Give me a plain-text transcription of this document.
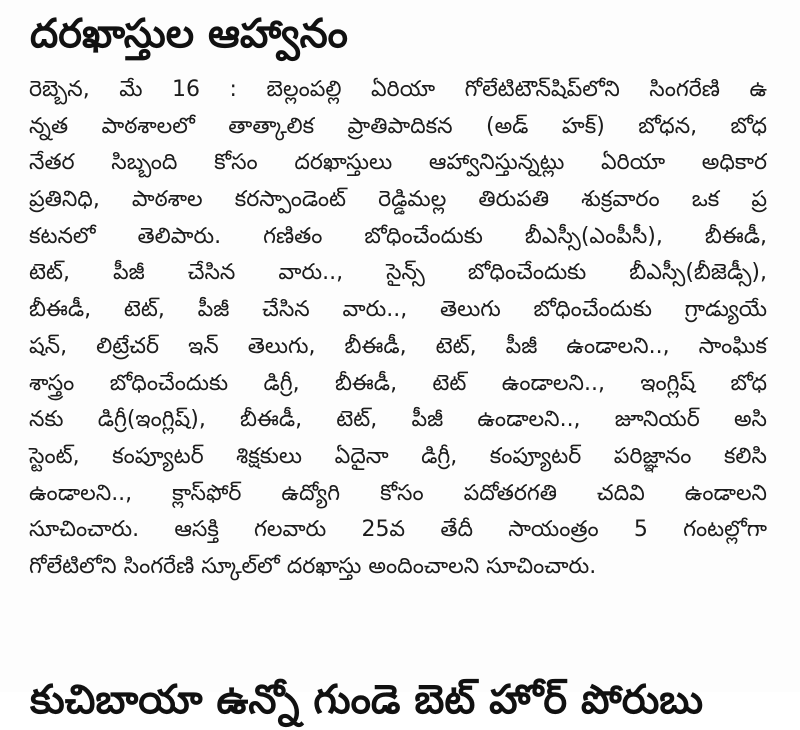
దరఖాస్తుల ఆహ్వానం
రెబ్బెన, మే 16 : బెల్లంపల్లి ఏరియా గోలేటిటౌన్‌షిప్‌లోని సింగరేణి ఉ
న్నత పాఠశాలలో తాత్కాలిక ప్రాతిపాదికన (అడ్ హక్) బోధన, బోధ
నేతర సిబ్బంది కోసం దరఖాస్తులు ఆహ్వానిస్తున్నట్లు ఏరియా అధికార
ప్రతినిధి, పాఠశాల కరస్పాండెంట్ రెడ్డిమల్ల తిరుపతి శుక్రవారం ఒక ప్ర
కటనలో తెలిపారు. గణితం బోధించేందుకు బీఎస్సీ(ఎంపీసీ), బీఈడీ,
టెట్, పీజీ చేసిన వారు.., సైన్స్ బోధించేందుకు బీఎస్సీ(బీజెడ్సీ),
బీఈడీ, టెట్, పీజీ చేసిన వారు.., తెలుగు బోధించేందుకు గ్రాడ్యుయే
షన్, లిట్రేచర్ ఇన్ తెలుగు, బీఈడీ, టెట్, పీజీ ఉండాలని.., సాంఘిక
శాస్త్రం బోధించేందుకు డిగ్రీ, బీఈడీ, టెట్ ఉండాలని.., ఇంగ్లిష్ బోధ
నకు డిగ్రీ(ఇంగ్లిష్), బీఈడీ, టెట్, పీజీ ఉండాలని.., జూనియర్ అసి
స్టెంట్, కంప్యూటర్ శిక్షకులు ఏదైనా డిగ్రీ, కంప్యూటర్ పరిజ్ఞానం కలిసి
ఉండాలని.., క్లాస్‌ఫోర్ ఉద్యోగి కోసం పదోతరగతి చదివి ఉండాలని
సూచించారు. ఆసక్తి గలవారు 25వ తేదీ సాయంత్రం 5 గంటల్లోగా
గోలేటిలోని సింగరేణి స్కూల్‌లో దరఖాస్తు అందించాలని సూచించారు.
కుచిబాయా ఉన్నో గుండె బెట్ హోర్ పోరుబు
